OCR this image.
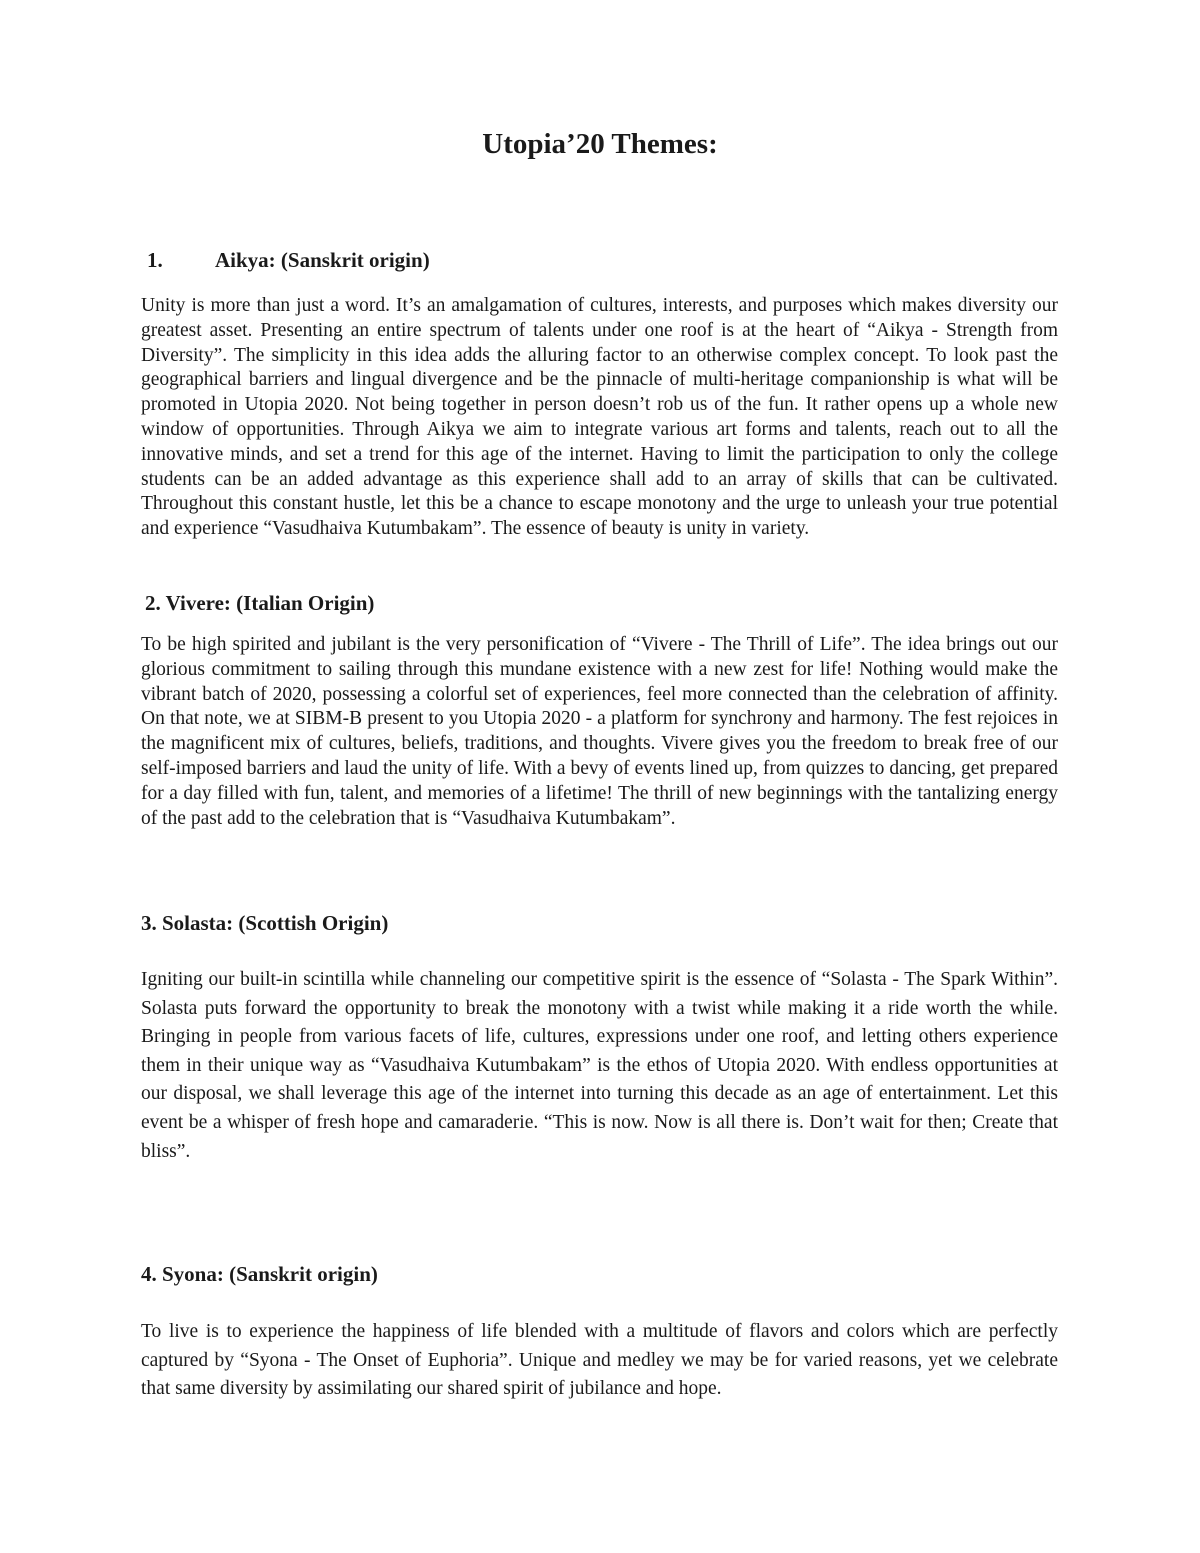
Utopia’20 Themes:
1. Aikya: (Sanskrit origin)
Unity is more than just a word. It’s an amalgamation of cultures, interests, and purposes which makes diversity our greatest asset. Presenting an entire spectrum of talents under one roof is at the heart of “Aikya - Strength from Diversity”. The simplicity in this idea adds the alluring factor to an otherwise complex concept. To look past the geographical barriers and lingual divergence and be the pinnacle of multi-heritage companionship is what will be promoted in Utopia 2020. Not being together in person doesn’t rob us of the fun. It rather opens up a whole new window of opportunities. Through Aikya we aim to integrate various art forms and talents, reach out to all the innovative minds, and set a trend for this age of the internet. Having to limit the participation to only the college students can be an added advantage as this experience shall add to an array of skills that can be cultivated. Throughout this constant hustle, let this be a chance to escape monotony and the urge to unleash your true potential and experience “Vasudhaiva Kutumbakam”. The essence of beauty is unity in variety.
2. Vivere: (Italian Origin)
To be high spirited and jubilant is the very personification of “Vivere - The Thrill of Life”. The idea brings out our glorious commitment to sailing through this mundane existence with a new zest for life! Nothing would make the vibrant batch of 2020, possessing a colorful set of experiences, feel more connected than the celebration of affinity. On that note, we at SIBM-B present to you Utopia 2020 - a platform for synchrony and harmony. The fest rejoices in the magnificent mix of cultures, beliefs, traditions, and thoughts. Vivere gives you the freedom to break free of our self-imposed barriers and laud the unity of life. With a bevy of events lined up, from quizzes to dancing, get prepared for a day filled with fun, talent, and memories of a lifetime! The thrill of new beginnings with the tantalizing energy of the past add to the celebration that is “Vasudhaiva Kutumbakam”.
3. Solasta: (Scottish Origin)
Igniting our built-in scintilla while channeling our competitive spirit is the essence of “Solasta - The Spark Within”. Solasta puts forward the opportunity to break the monotony with a twist while making it a ride worth the while. Bringing in people from various facets of life, cultures, expressions under one roof, and letting others experience them in their unique way as “Vasudhaiva Kutumbakam” is the ethos of Utopia 2020. With endless opportunities at our disposal, we shall leverage this age of the internet into turning this decade as an age of entertainment. Let this event be a whisper of fresh hope and camaraderie. “This is now. Now is all there is. Don’t wait for then; Create that bliss”.
4. Syona: (Sanskrit origin)
To live is to experience the happiness of life blended with a multitude of flavors and colors which are perfectly captured by “Syona - The Onset of Euphoria”. Unique and medley we may be for varied reasons, yet we celebrate that same diversity by assimilating our shared spirit of jubilance and hope.
